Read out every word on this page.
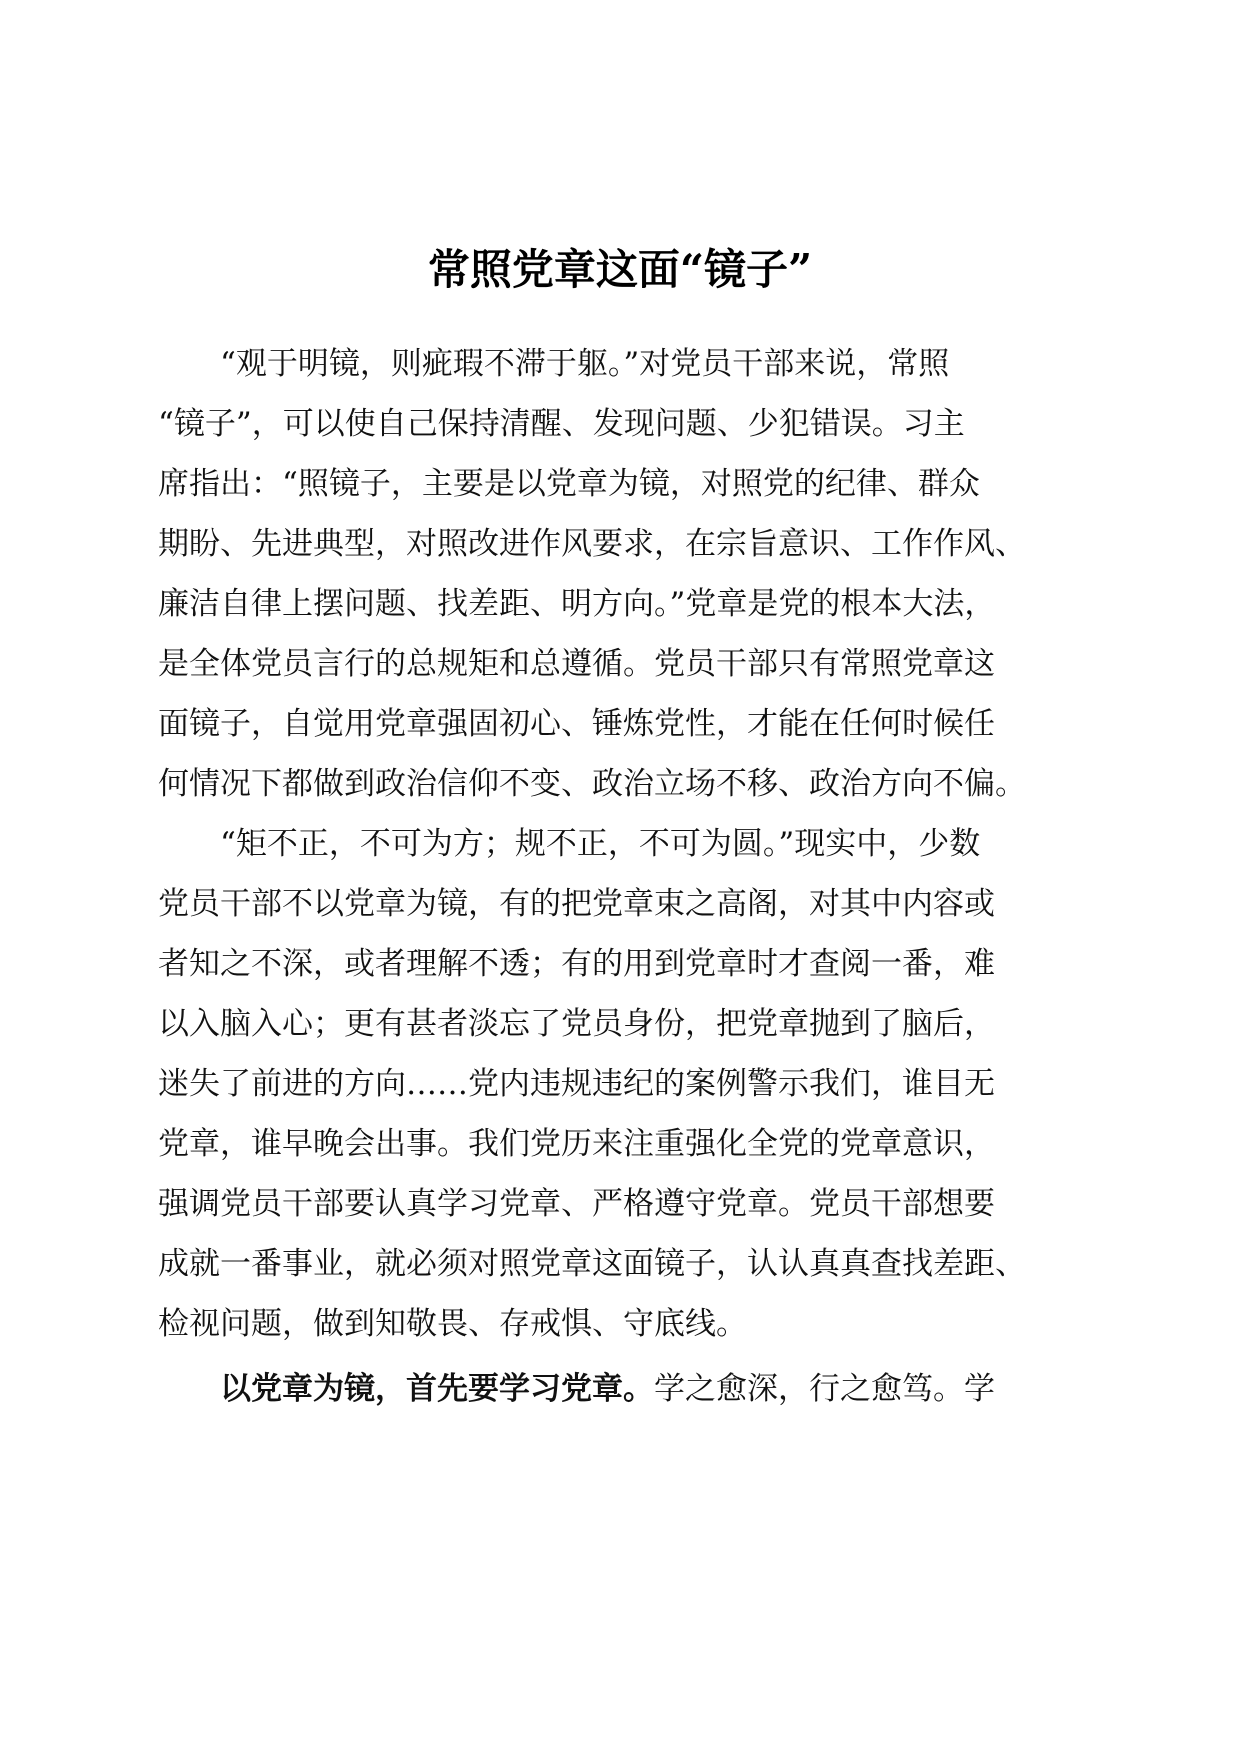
常照党章这面“镜子”
“观于明镜，则疵瑕不滞于躯。”对党员干部来说，常照
“镜子”，可以使自己保持清醒、发现问题、少犯错误。习主
席指出：“照镜子，主要是以党章为镜，对照党的纪律、群众
期盼、先进典型，对照改进作风要求，在宗旨意识、工作作风、
廉洁自律上摆问题、找差距、明方向。”党章是党的根本大法，
是全体党员言行的总规矩和总遵循。党员干部只有常照党章这
面镜子，自觉用党章强固初心、锤炼党性，才能在任何时候任
何情况下都做到政治信仰不变、政治立场不移、政治方向不偏。
“矩不正，不可为方；规不正，不可为圆。”现实中，少数
党员干部不以党章为镜，有的把党章束之高阁，对其中内容或
者知之不深，或者理解不透；有的用到党章时才查阅一番，难
以入脑入心；更有甚者淡忘了党员身份，把党章抛到了脑后，
迷失了前进的方向……党内违规违纪的案例警示我们，谁目无
党章，谁早晚会出事。我们党历来注重强化全党的党章意识，
强调党员干部要认真学习党章、严格遵守党章。党员干部想要
成就一番事业，就必须对照党章这面镜子，认认真真查找差距、
检视问题，做到知敬畏、存戒惧、守底线。
以党章为镜，首先要学习党章。学之愈深，行之愈笃。学
